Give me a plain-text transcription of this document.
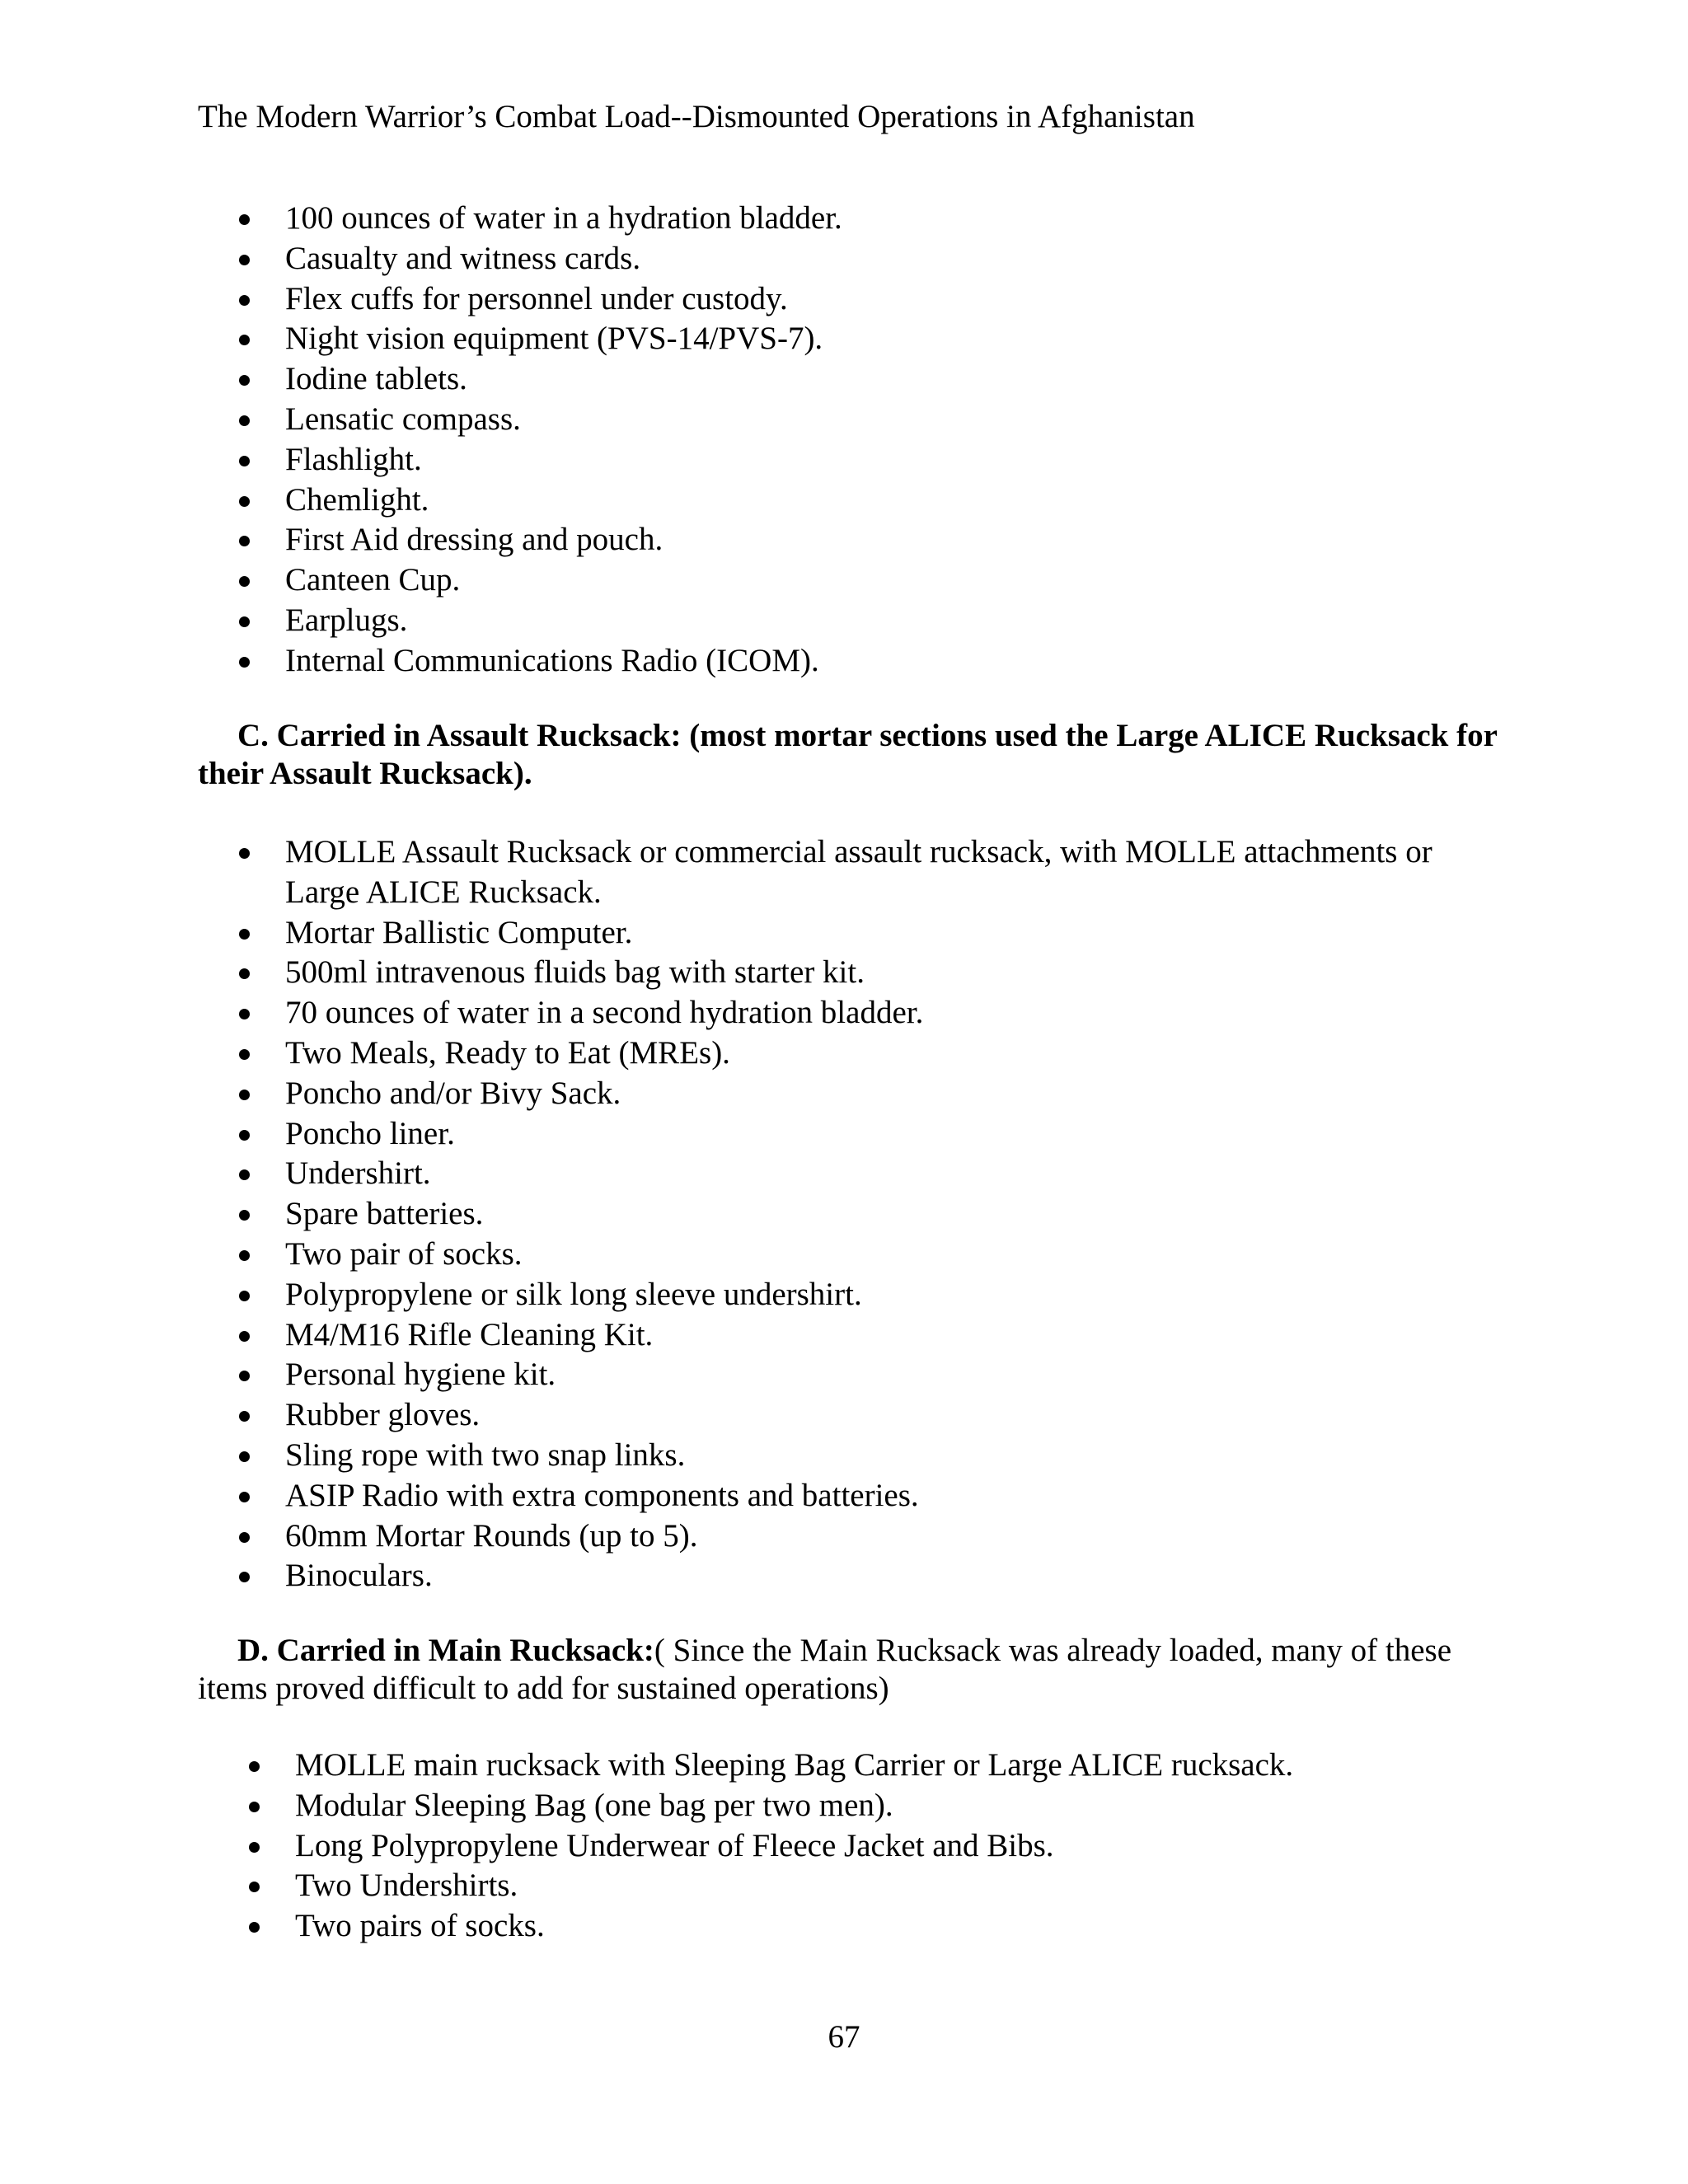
The Modern Warrior’s Combat Load--Dismounted Operations in Afghanistan
100 ounces of water in a hydration bladder.
Casualty and witness cards.
Flex cuffs for personnel under custody.
Night vision equipment (PVS-14/PVS-7).
Iodine tablets.
Lensatic compass.
Flashlight.
Chemlight.
First Aid dressing and pouch.
Canteen Cup.
Earplugs.
Internal Communications Radio (ICOM).
C. Carried in Assault Rucksack: (most mortar sections used the Large ALICE Rucksack for their Assault Rucksack).
MOLLE Assault Rucksack or commercial assault rucksack, with MOLLE attachments or Large ALICE Rucksack.
Mortar Ballistic Computer.
500ml intravenous fluids bag with starter kit.
70 ounces of water in a second hydration bladder.
Two Meals, Ready to Eat (MREs).
Poncho and/or Bivy Sack.
Poncho liner.
Undershirt.
Spare batteries.
Two pair of socks.
Polypropylene or silk long sleeve undershirt.
M4/M16 Rifle Cleaning Kit.
Personal hygiene kit.
Rubber gloves.
Sling rope with two snap links.
ASIP Radio with extra components and batteries.
60mm Mortar Rounds (up to 5).
Binoculars.
D. Carried in Main Rucksack:( Since the Main Rucksack was already loaded, many of these items proved difficult to add for sustained operations)
MOLLE main rucksack with Sleeping Bag Carrier or Large ALICE rucksack.
Modular Sleeping Bag (one bag per two men).
Long Polypropylene Underwear of Fleece Jacket and Bibs.
Two Undershirts.
Two pairs of socks.
67
